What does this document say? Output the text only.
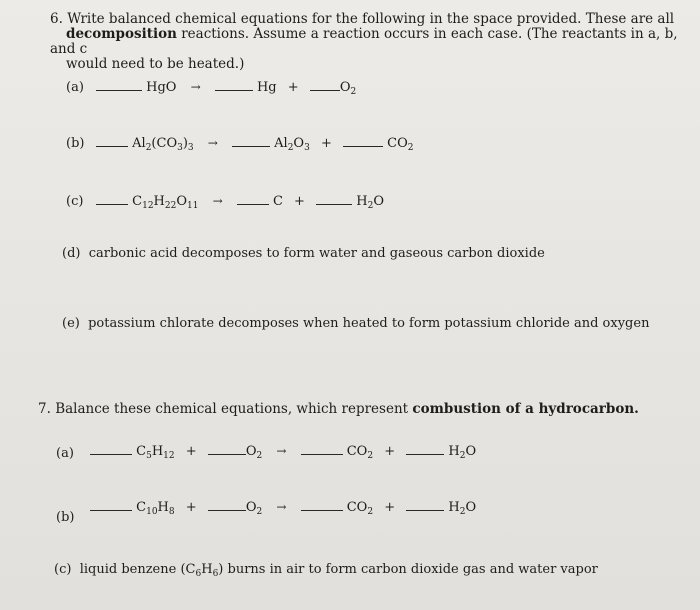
6. Write balanced chemical equations for the following in the space provided. These are all
decomposition reactions. Assume a reaction occurs in each case. (The reactants in a, b, and c
would need to be heated.)
(a)	HgO →	Hg +	$O_2$
(b)	$Al_2(CO_3)_3$ →	$Al_2O_3$ +	$CO_2$
(c)	$C_{12}H_{22}O_{11}$ →	C +	$H_2O$
(d) carbonic acid decomposes to form water and gaseous carbon dioxide
(e) potassium chlorate decomposes when heated to form potassium chloride and oxygen
7. Balance these chemical equations, which represent combustion of a hydrocarbon.
(a)	$C_5H_{12}$ +	$O_2$ →	$CO_2$ +	$H_2O$
(b)
$C_{10}H_8$ +	$O_2$ →	$CO_2$ +	$H_2O$
(c) liquid benzene $(C_6H_6)$ burns in air to form carbon dioxide gas and water vapor
